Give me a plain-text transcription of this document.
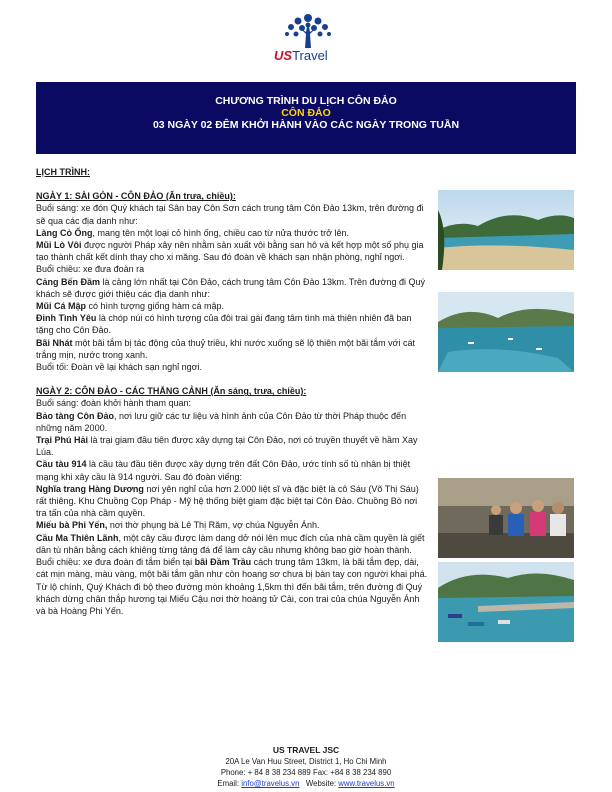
USTravel
CHƯƠNG TRÌNH DU LỊCH CÔN ĐẢO
CÔN ĐẢO
03 NGÀY 02 ĐÊM KHỞI HÀNH VÀO CÁC NGÀY TRONG TUẦN

LỊCH TRÌNH:

NGÀY 1: SÀI GÒN - CÔN ĐẢO (Ăn trưa, chiều):

Buổi sáng: xe đón Quý khách tại Sân bay Côn Sơn cách trung tâm Côn Đảo 13km, trên đường đi sẽ qua các địa danh như:

Làng Cỏ Ống, mang tên một loại cỏ hình ống, chiều cao từ nửa thước trở lên.

Mũi Lò Vôi được người Pháp xây nên nhằm sản xuất vôi bằng san hô và kết hợp một số phụ gia tạo thành chất kết dính thay cho xi măng. Sau đó đoàn về khách sạn nhận phòng, nghỉ ngơi.

Buổi chiều: xe đưa đoàn ra

Cảng Bến Đầm là cảng lớn nhất tại Côn Đảo, cách trung tâm Côn Đảo 13km. Trên đường đi Quý khách sẽ được giới thiệu các địa danh như:

Mũi Cá Mập có hình tượng giống hàm cá mập.

Đỉnh Tình Yêu là chóp núi có hình tượng của đôi trai gái đang tâm tình mà thiên nhiên đã ban tặng cho Côn Đảo.

Bãi Nhát một bãi tắm bị tác động của thuỷ triều, khi nước xuống sẽ lộ thiên một bãi tắm với cát trắng mịn, nước trong xanh.

Buổi tối: Đoàn về lại khách sạn nghỉ ngơi.

NGÀY 2: CÔN ĐẢO - CÁC THẮNG CẢNH (Ăn sáng, trưa, chiều):

Buổi sáng: đoàn khởi hành tham quan:

Bảo tàng Côn Đảo, nơi lưu giữ các tư liệu và hình ảnh của Côn Đảo từ thời Pháp thuộc đến những năm 2000.

Trại Phú Hải là trại giam đầu tiên được xây dựng tại Côn Đảo, nơi có truyền thuyết về hầm Xay Lúa.

Cầu tàu 914 là cầu tàu đầu tiên được xây dựng trên đất Côn Đảo, ước tính số tù nhân bị thiệt mạng khi xây cầu là 914 người. Sau đó đoàn viếng:

Nghĩa trang Hàng Dương nơi yên nghỉ của hơn 2.000 liệt sĩ và đặc biệt là cô Sáu (Võ Thị Sáu) rất thiêng. Khu Chuồng Cọp Pháp - Mỹ hệ thống biệt giam đặc biệt tại Côn Đảo. Chuồng Bò nơi tra tấn của nhà cầm quyền.

Miếu bà Phi Yến, nơi thờ phụng bà Lê Thị Răm, vợ chúa Nguyễn Ánh.

Cầu Ma Thiên Lãnh, một cây cầu được làm dang dở nói lên mục đích của nhà cầm quyền là giết dần tù nhân bằng cách khiêng từng tảng đá để làm cây cầu nhưng không bao giờ hoàn thành.

Buổi chiều: xe đưa đoàn đi tắm biển tại bãi Đầm Trầu cách trung tâm 13km, là bãi tắm đẹp, dài, cát mịn màng, màu vàng, một bãi tắm gần như còn hoang sơ chưa bị bàn tay con người khai phá. Từ lộ chính, Quý Khách đi bộ theo đường mòn khoảng 1,5km thì đến bãi tắm, trên đường đi Quý khách dừng chân thắp hương tại Miếu Cậu nơi thờ hoàng tử Cải, con trai của chúa Nguyễn Ánh và bà Hoàng Phi Yến.

US TRAVEL JSC
20A Le Van Huu Street, District 1, Ho Chi Minh
Phone: + 84 8 38 234 889 Fax: +84 8 38 234 890
Email: info@travelus.vn   Website: www.travelus.vn
